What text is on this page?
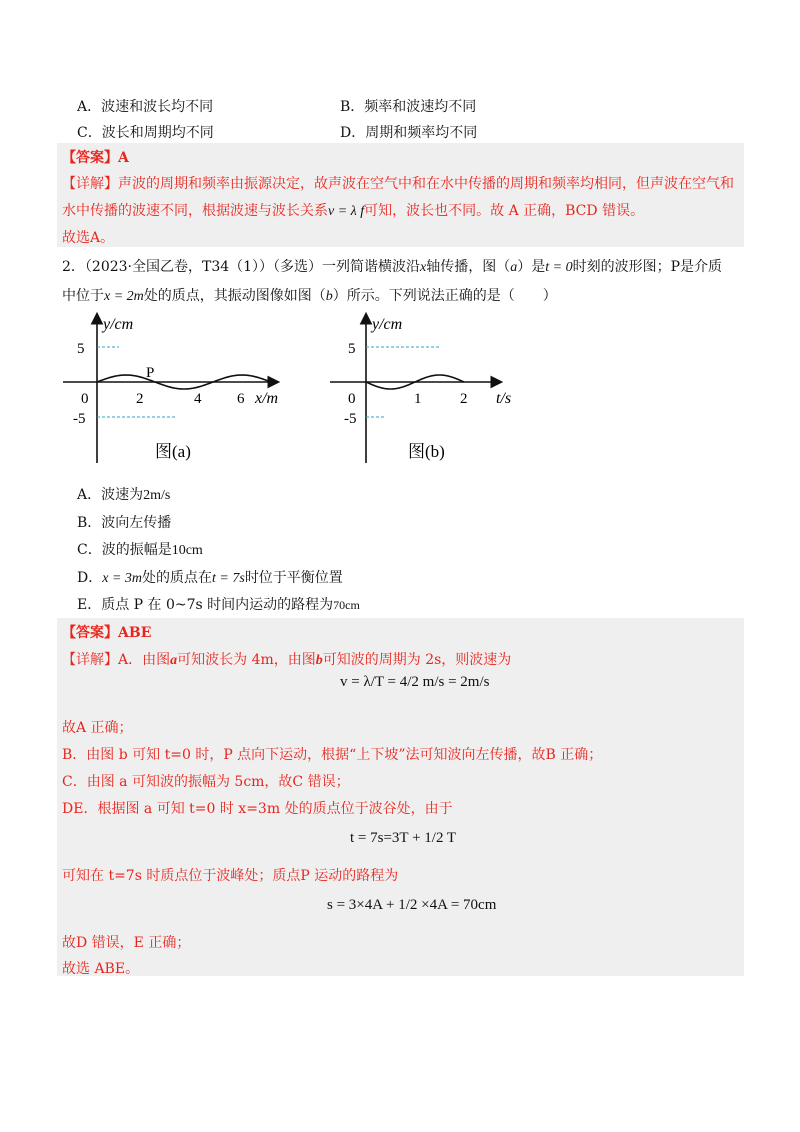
A．波速和波长均不同	B．频率和波速均不同
C．波长和周期均不同	D．周期和频率均不同
【答案】A
【详解】声波的周期和频率由振源决定，故声波在空气中和在水中传播的周期和频率均相同，但声波在空气和
水中传播的波速不同，根据波速与波长关系v = λ f可知，波长也不同。故 A 正确，BCD 错误。
故选A。
2．（2023·全国乙卷，T34（1））（多选）一列简谐横波沿x轴传播，图（a）是t = 0时刻的波形图；P是介质
中位于x = 2m处的质点，其振动图像如图（b）所示。下列说法正确的是（　　）
y/cm
5
-5
0	2	4 6 x/m
P
图(a)
y/cm
5
-5
0	1	2 t/s
图(b)
A．波速为2m/s
B．波向左传播
C．波的振幅是10cm
D．x = 3m处的质点在t = 7s时位于平衡位置
E．质点 P 在 0~7s 时间内运动的路程为70cm
【答案】ABE
【详解】A．由图a可知波长为 4m，由图b可知波的周期为 2s，则波速为
v = λ/T = 4/2 m/s = 2m/s
故A 正确；
B．由图 b 可知 t=0 时，P 点向下运动，根据“上下坡”法可知波向左传播，故B 正确；
C．由图 a 可知波的振幅为 5cm，故C 错误；
DE．根据图 a 可知 t=0 时 x=3m 处的质点位于波谷处，由于
t = 7s=3T + 1/2 T
可知在 t=7s 时质点位于波峰处；质点P 运动的路程为
s = 3×4A + 1/2 ×4A = 70cm
故D 错误，E 正确；
故选 ABE。
